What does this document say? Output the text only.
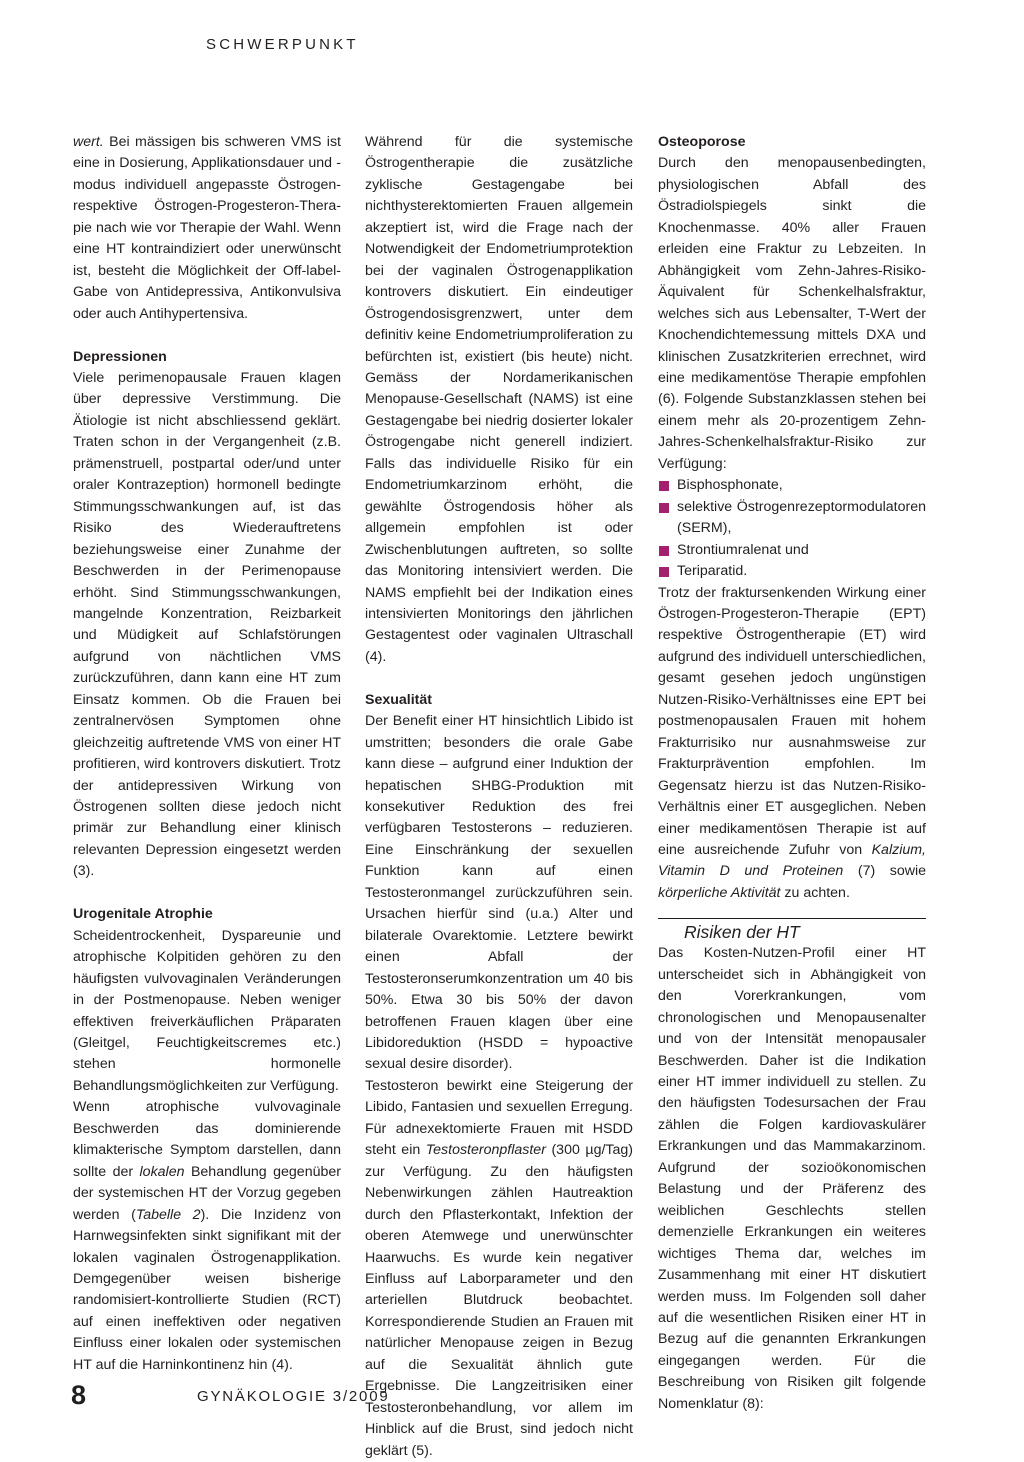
SCHWERPUNKT

wert. Bei mässigen bis schweren VMS ist eine in Dosierung, Applikationsdauer und -modus individuell angepasste Östrogen- respektive Östrogen-Progesteron-Thera-pie nach wie vor Therapie der Wahl. Wenn eine HT kontraindiziert oder unerwünscht ist, besteht die Möglichkeit der Off-label-Gabe von Antidepressiva, Antikonvulsiva oder auch Antihypertensiva.

Depressionen

Viele perimenopausale Frauen klagen über depressive Verstimmung. Die Ätiologie ist nicht abschliessend geklärt. Traten schon in der Vergangenheit (z.B. prämenstruell, postpartal oder/und unter oraler Kontrazeption) hormonell bedingte Stimmungsschwankungen auf, ist das Risiko des Wiederauftretens beziehungsweise einer Zunahme der Beschwerden in der Perimenopause erhöht. Sind Stimmungsschwankungen, mangelnde Konzentration, Reizbarkeit und Müdigkeit auf Schlafstörungen aufgrund von nächtlichen VMS zurückzuführen, dann kann eine HT zum Einsatz kommen. Ob die Frauen bei zentralnervösen Symptomen ohne gleichzeitig auftretende VMS von einer HT profitieren, wird kontrovers diskutiert. Trotz der antidepressiven Wirkung von Östrogenen sollten diese jedoch nicht primär zur Behandlung einer klinisch relevanten Depression eingesetzt werden (3).

Urogenitale Atrophie

Scheidentrockenheit, Dyspareunie und atrophische Kolpitiden gehören zu den häufigsten vulvovaginalen Veränderungen in der Postmenopause. Neben weniger effektiven freiverkäuflichen Präparaten (Gleitgel, Feuchtigkeitscremes etc.) stehen hormonelle Behandlungsmöglichkeiten zur Verfügung.

Wenn atrophische vulvovaginale Beschwerden das dominierende klimakterische Symptom darstellen, dann sollte der lokalen Behandlung gegenüber der systemischen HT der Vorzug gegeben werden (Tabelle 2). Die Inzidenz von Harnwegsinfekten sinkt signifikant mit der lokalen vaginalen Östrogenapplikation. Demgegenüber weisen bisherige randomisiert-kontrollierte Studien (RCT) auf einen ineffektiven oder negativen Einfluss einer lokalen oder systemischen HT auf die Harninkontinenz hin (4).

Während für die systemische Östrogentherapie die zusätzliche zyklische Gestagengabe bei nichthysterektomierten Frauen allgemein akzeptiert ist, wird die Frage nach der Notwendigkeit der Endometriumprotektion bei der vaginalen Östrogenapplikation kontrovers diskutiert. Ein eindeutiger Östrogendosisgrenzwert, unter dem definitiv keine Endometriumproliferation zu befürchten ist, existiert (bis heute) nicht. Gemäss der Nordamerikanischen Menopause-Gesellschaft (NAMS) ist eine Gestagengabe bei niedrig dosierter lokaler Östrogengabe nicht generell indiziert. Falls das individuelle Risiko für ein Endometriumkarzinom erhöht, die gewählte Östrogendosis höher als allgemein empfohlen ist oder Zwischenblutungen auftreten, so sollte das Monitoring intensiviert werden. Die NAMS empfiehlt bei der Indikation eines intensivierten Monitorings den jährlichen Gestagentest oder vaginalen Ultraschall (4).

Sexualität

Der Benefit einer HT hinsichtlich Libido ist umstritten; besonders die orale Gabe kann diese – aufgrund einer Induktion der hepatischen SHBG-Produktion mit konsekutiver Reduktion des frei verfügbaren Testosterons – reduzieren. Eine Einschränkung der sexuellen Funktion kann auf einen Testosteronmangel zurückzuführen sein. Ursachen hierfür sind (u.a.) Alter und bilaterale Ovarektomie. Letztere bewirkt einen Abfall der Testosteronserumkonzentration um 40 bis 50%. Etwa 30 bis 50% der davon betroffenen Frauen klagen über eine Libidoreduktion (HSDD = hypoactive sexual desire disorder).

Testosteron bewirkt eine Steigerung der Libido, Fantasien und sexuellen Erregung. Für adnexektomierte Frauen mit HSDD steht ein Testosteronpflaster (300 µg/Tag) zur Verfügung. Zu den häufigsten Nebenwirkungen zählen Hautreaktion durch den Pflasterkontakt, Infektion der oberen Atemwege und unerwünschter Haarwuchs. Es wurde kein negativer Einfluss auf Laborparameter und den arteriellen Blutdruck beobachtet. Korrespondierende Studien an Frauen mit natürlicher Menopause zeigen in Bezug auf die Sexualität ähnlich gute Ergebnisse. Die Langzeitrisiken einer Testosteronbehandlung, vor allem im Hinblick auf die Brust, sind jedoch nicht geklärt (5).

Osteoporose

Durch den menopausenbedingten, physiologischen Abfall des Östradiolspiegels sinkt die Knochenmasse. 40% aller Frauen erleiden eine Fraktur zu Lebzeiten. In Abhängigkeit vom Zehn-Jahres-Risiko-Äquivalent für Schenkelhalsfraktur, welches sich aus Lebensalter, T-Wert der Knochendichtemessung mittels DXA und klinischen Zusatzkriterien errechnet, wird eine medikamentöse Therapie empfohlen (6). Folgende Substanzklassen stehen bei einem mehr als 20-prozentigem Zehn-Jahres-Schenkelhalsfraktur-Risiko zur Verfügung:

Bisphosphonate,

selektive Östrogenrezeptormodulatoren (SERM),

Strontiumralenat und

Teriparatid.

Trotz der fraktursenkenden Wirkung einer Östrogen-Progesteron-Therapie (EPT) respektive Östrogentherapie (ET) wird aufgrund des individuell unterschiedlichen, gesamt gesehen jedoch ungünstigen Nutzen-Risiko-Verhältnisses eine EPT bei postmenopausalen Frauen mit hohem Frakturrisiko nur ausnahmsweise zur Frakturprävention empfohlen. Im Gegensatz hierzu ist das Nutzen-Risiko-Verhältnis einer ET ausgeglichen. Neben einer medikamentösen Therapie ist auf eine ausreichende Zufuhr von Kalzium, Vitamin D und Proteinen (7) sowie körperliche Aktivität zu achten.

Risiken der HT

Das Kosten-Nutzen-Profil einer HT unterscheidet sich in Abhängigkeit von den Vorerkrankungen, vom chronologischen und Menopausenalter und von der Intensität menopausaler Beschwerden. Daher ist die Indikation einer HT immer individuell zu stellen. Zu den häufigsten Todesursachen der Frau zählen die Folgen kardiovaskulärer Erkrankungen und das Mammakarzinom. Aufgrund der sozioökonomischen Belastung und der Präferenz des weiblichen Geschlechts stellen demenzielle Erkrankungen ein weiteres wichtiges Thema dar, welches im Zusammenhang mit einer HT diskutiert werden muss. Im Folgenden soll daher auf die wesentlichen Risiken einer HT in Bezug auf die genannten Erkrankungen eingegangen werden. Für die Beschreibung von Risiken gilt folgende Nomenklatur (8):

8	GYNÄKOLOGIE 3/2009
